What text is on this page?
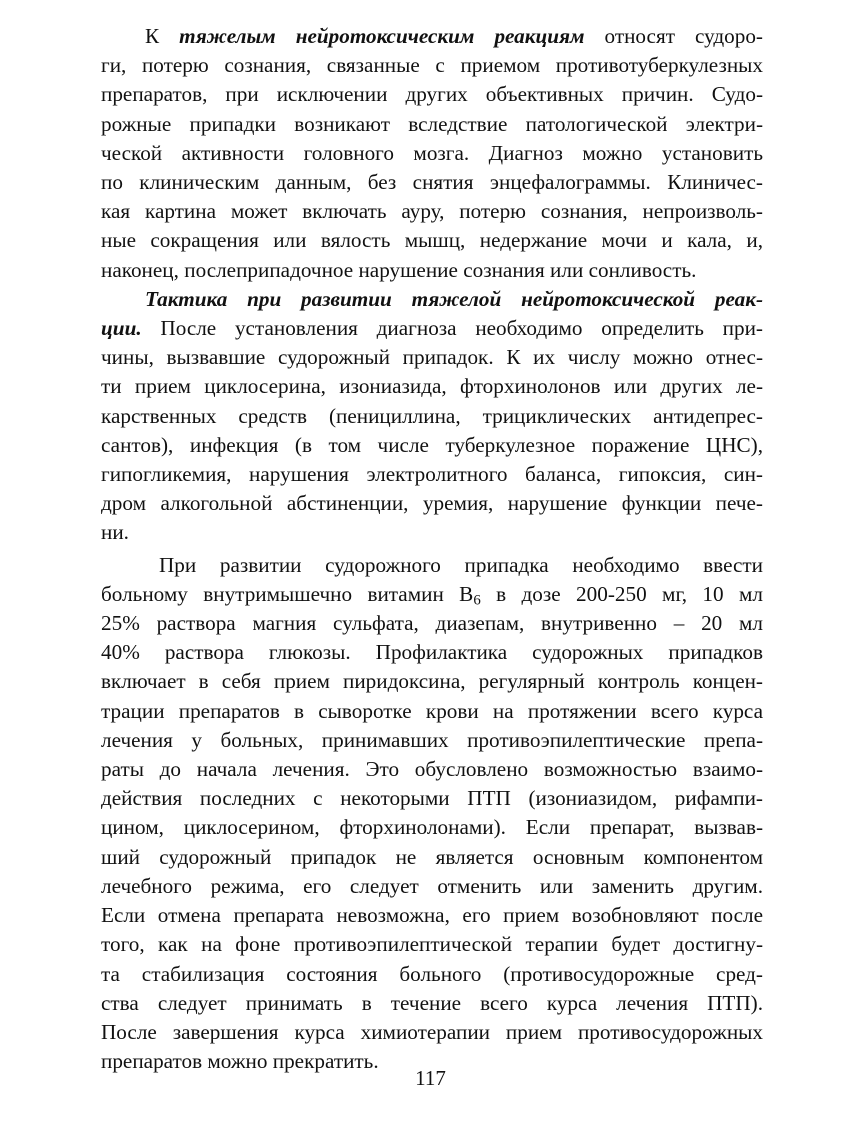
К тяжелым нейротоксическим реакциям относят судоро-
ги, потерю сознания, связанные с приемом противотуберкулезных
препаратов, при исключении других объективных причин. Судо-
рожные припадки возникают вследствие патологической электри-
ческой активности головного мозга. Диагноз можно установить
по клиническим данным, без снятия энцефалограммы. Клиничес-
кая картина может включать ауру, потерю сознания, непроизволь-
ные сокращения или вялость мышц, недержание мочи и кала, и,
наконец, послеприпадочное нарушение сознания или сонливость.
Тактика при развитии тяжелой нейротоксической реак-
ции. После установления диагноза необходимо определить при-
чины, вызвавшие судорожный припадок. К их числу можно отнес-
ти прием циклосерина, изониазида, фторхинолонов или других ле-
карственных средств (пенициллина, трициклических антидепрес-
сантов), инфекция (в том числе туберкулезное поражение ЦНС),
гипогликемия, нарушения электролитного баланса, гипоксия, син-
дром алкогольной абстиненции, уремия, нарушение функции пече-
ни.
При развитии судорожного припадка необходимо ввести
больному внутримышечно витамин $В_6$ в дозе 200-250 мг, 10 мл
25% раствора магния сульфата, диазепам, внутривенно – 20 мл
40% раствора глюкозы. Профилактика судорожных припадков
включает в себя прием пиридоксина, регулярный контроль концен-
трации препаратов в сыворотке крови на протяжении всего курса
лечения у больных, принимавших противоэпилептические препа-
раты до начала лечения. Это обусловлено возможностью взаимо-
действия последних с некоторыми ПТП (изониазидом, рифампи-
цином, циклосерином, фторхинолонами). Если препарат, вызвав-
ший судорожный припадок не является основным компонентом
лечебного режима, его следует отменить или заменить другим.
Если отмена препарата невозможна, его прием возобновляют после
того, как на фоне противоэпилептической терапии будет достигну-
та стабилизация состояния больного (противосудорожные сред-
ства следует принимать в течение всего курса лечения ПТП).
После завершения курса химиотерапии прием противосудорожных
препаратов можно прекратить.
117
